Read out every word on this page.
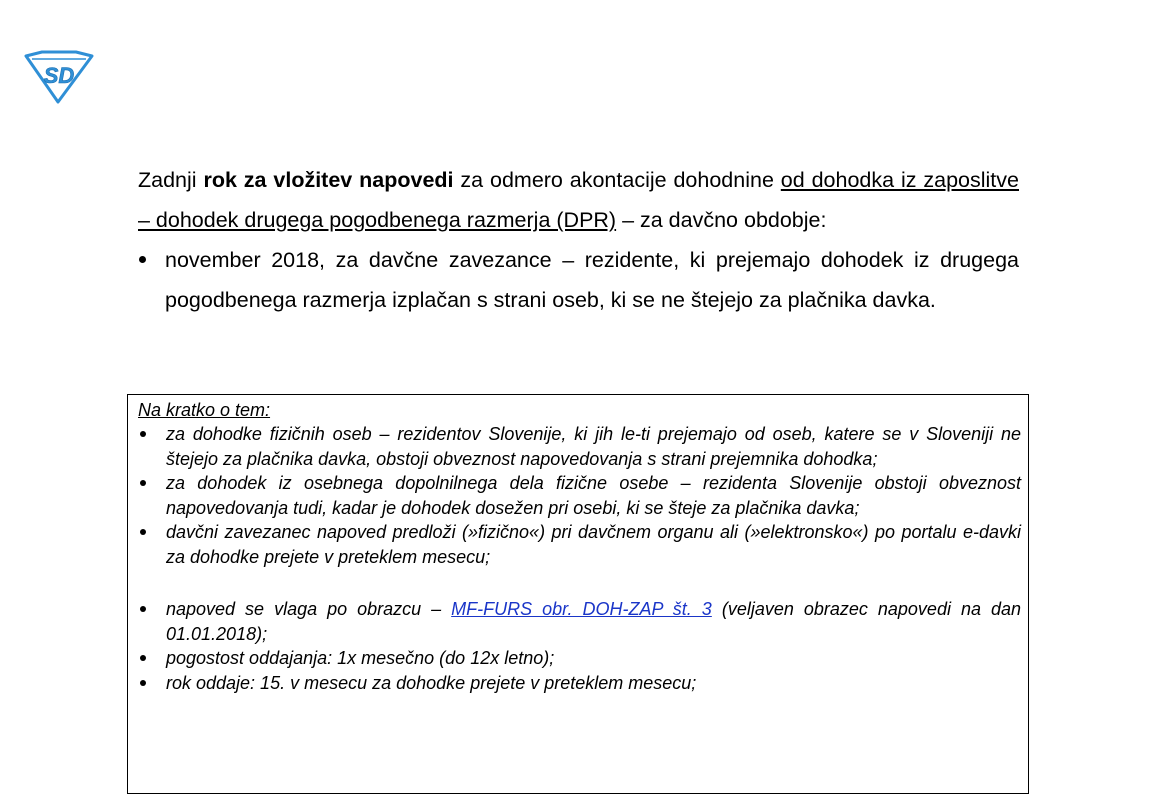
SD
Zadnji rok za vložitev napovedi za odmero akontacije dohodnine od dohodka iz zaposlitve – dohodek drugega pogodbenega razmerja (DPR) – za davčno obdobje:
november 2018, za davčne zavezance – rezidente, ki prejemajo dohodek iz drugega pogodbenega razmerja izplačan s strani oseb, ki se ne štejejo za plačnika davka.
Na kratko o tem:
za dohodke fizičnih oseb – rezidentov Slovenije, ki jih le-ti prejemajo od oseb, katere se v Sloveniji ne štejejo za plačnika davka, obstoji obveznost napovedovanja s strani prejemnika dohodka;
za dohodek iz osebnega dopolnilnega dela fizične osebe – rezidenta Slovenije obstoji obveznost napovedovanja tudi, kadar je dohodek dosežen pri osebi, ki se šteje za plačnika davka;
davčni zavezanec napoved predloži (»fizično«) pri davčnem organu ali (»elektronsko«) po portalu e-davki za dohodke prejete v preteklem mesecu;
napoved se vlaga po obrazcu – MF-FURS obr. DOH-ZAP št. 3 (veljaven obrazec napovedi na dan 01.01.2018);
pogostost oddajanja: 1x mesečno (do 12x letno);
rok oddaje: 15. v mesecu za dohodke prejete v preteklem mesecu;
